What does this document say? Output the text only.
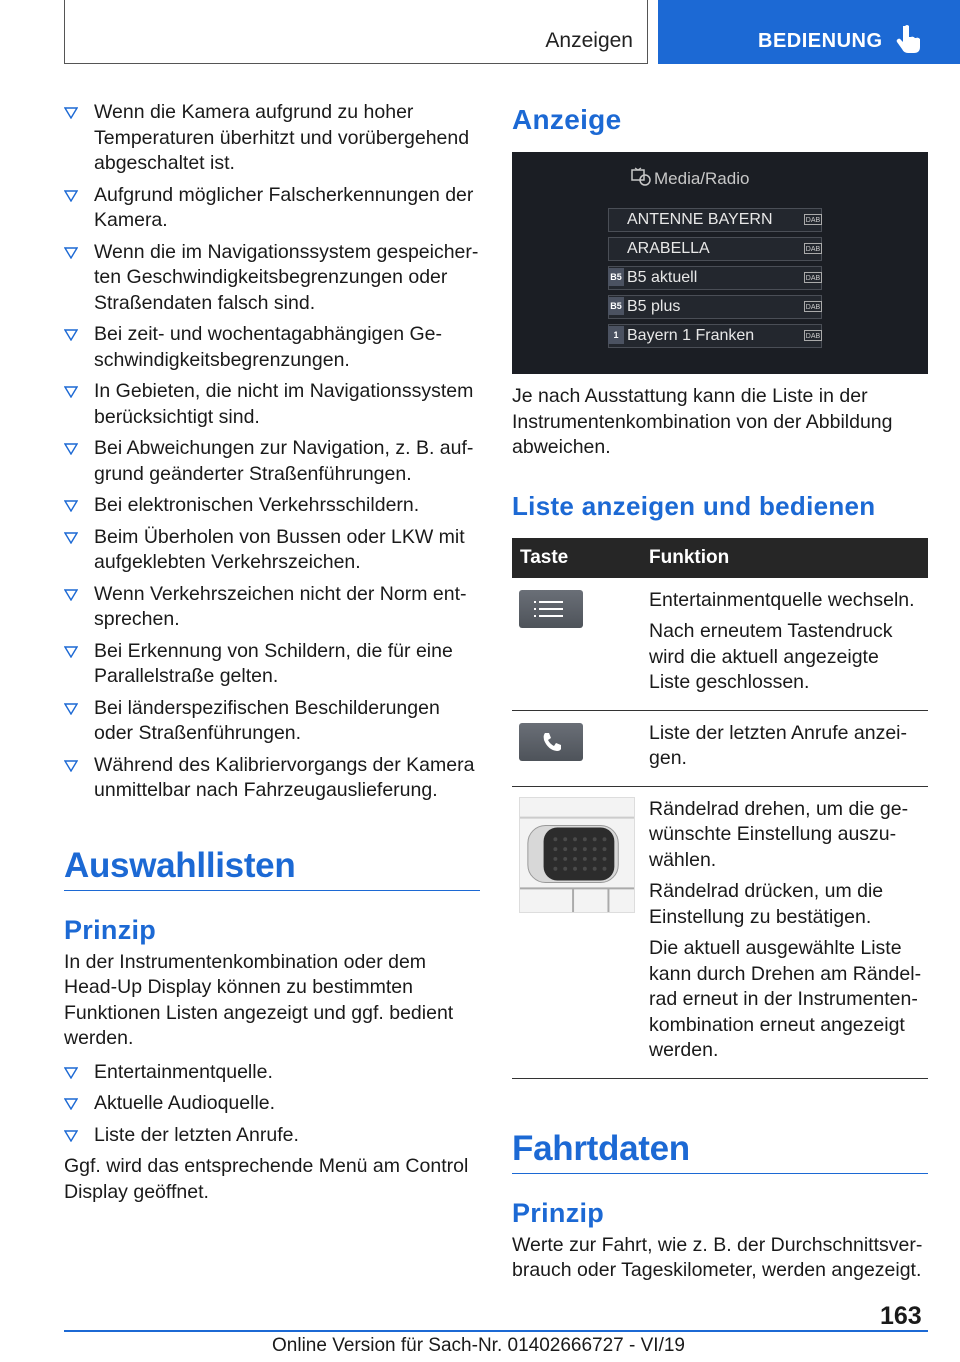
Anzeigen	BEDIENUNG
Wenn die Kamera aufgrund zu hoher Temperaturen überhitzt und vorübergehend abgeschaltet ist.
Aufgrund möglicher Falscherkennungen der Kamera.
Wenn die im Navigationssystem gespeicherten Geschwindigkeitsbegrenzungen oder Straßendaten falsch sind.
Bei zeit- und wochentagabhängigen Geschwindigkeitsbegrenzungen.
In Gebieten, die nicht im Navigationssystem berücksichtigt sind.
Bei Abweichungen zur Navigation, z. B. aufgrund geänderter Straßenführungen.
Bei elektronischen Verkehrsschildern.
Beim Überholen von Bussen oder LKW mit aufgeklebten Verkehrszeichen.
Wenn Verkehrszeichen nicht der Norm entsprechen.
Bei Erkennung von Schildern, die für eine Parallelstraße gelten.
Bei länderspezifischen Beschilderungen oder Straßenführungen.
Während des Kalibriervorgangs der Kamera unmittelbar nach Fahrzeugauslieferung.
Auswahllisten
Prinzip

In der Instrumentenkombination oder dem Head-Up Display können zu bestimmten Funktionen Listen angezeigt und ggf. bedient werden.

Entertainmentquelle.
Aktuelle Audioquelle.
Liste der letzten Anrufe.

Ggf. wird das entsprechende Menü am Control Display geöffnet.

Anzeige
Media/Radio
ANTENNE BAYERN	DAB
ARABELLA	DAB
B5 B5 aktuell	DAB
B5 B5 plus	DAB
1 Bayern 1 Franken	DAB

Je nach Ausstattung kann die Liste in der Instrumentenkombination von der Abbildung abweichen.

Liste anzeigen und bedienen
Taste	Funktion

Entertainmentquelle wechseln.

Nach erneutem Tastendruck wird die aktuell angezeigte Liste geschlossen.

Liste der letzten Anrufe anzeigen.

Rändelrad drehen, um die gewünschte Einstellung auszuwählen.

Rändelrad drücken, um die Einstellung zu bestätigen.

Die aktuell ausgewählte Liste kann durch Drehen am Rändelrad erneut in der Instrumentenkombination erneut angezeigt werden.

Fahrtdaten
Prinzip

Werte zur Fahrt, wie z. B. der Durchschnittsverbrauch oder Tageskilometer, werden angezeigt.

163
Online Version für Sach-Nr. 01402666727 - VI/19
